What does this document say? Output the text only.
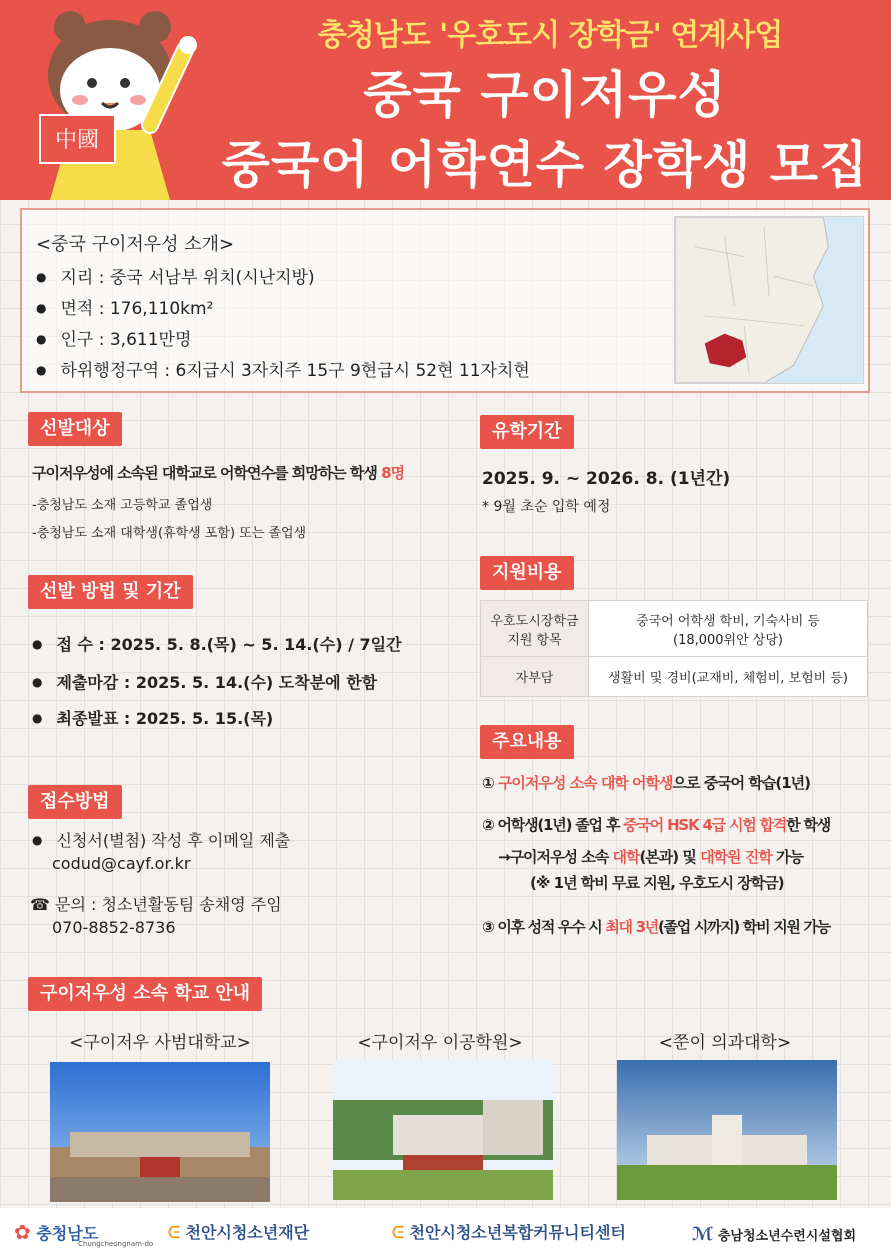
中國
충청남도 '우호도시 장학금' 연계사업
중국 구이저우성
중국어 어학연수 장학생 모집
<중국 구이저우성 소개>
● 지리 : 중국 서남부 위치(시난지방)
● 면적 : 176,110km²
● 인구 : 3,611만명
● 하위행정구역 : 6지급시 3자치주 15구 9현급시 52현 11자치현
선발대상
구이저우성에 소속된 대학교로 어학연수를 희망하는 학생 8명
-충청남도 소재 고등학교 졸업생
-충청남도 소재 대학생(휴학생 포함) 또는 졸업생
선발 방법 및 기간
● 접 수 : 2025. 5. 8.(목) ~ 5. 14.(수) / 7일간
● 제출마감 : 2025. 5. 14.(수) 도착분에 한함
● 최종발표 : 2025. 5. 15.(목)
접수방법
● 신청서(별첨) 작성 후 이메일 제출
codud@cayf.or.kr
☎ 문의 : 청소년활동팀 송채영 주임
070-8852-8736
유학기간
2025. 9. ~ 2026. 8. (1년간)
* 9월 초순 입학 예정
지원비용
우호도시장학금
지원 항목	중국어 어학생 학비, 기숙사비 등
(18,000위안 상당)
자부담	생활비 및 경비(교재비, 체험비, 보험비 등)
주요내용
① 구이저우성 소속 대학 어학생으로 중국어 학습(1년)
② 어학생(1년) 졸업 후 중국어 HSK 4급 시험 합격한 학생
→구이저우성 소속 대학(본과) 및 대학원 진학 가능
(※ 1년 학비 무료 지원, 우호도시 장학금)
③ 이후 성적 우수 시 최대 3년(졸업 시까지) 학비 지원 가능
구이저우성 소속 학교 안내
<구이저우 사범대학교>	<구이저우 이공학원>	<쭌이 의과대학>
✿ 충청남도
Chungcheongnam-do
ᕮ 천안시청소년재단	ᕮ 천안시청소년복합커뮤니티센터	ℳ 충남청소년수련시설협회
